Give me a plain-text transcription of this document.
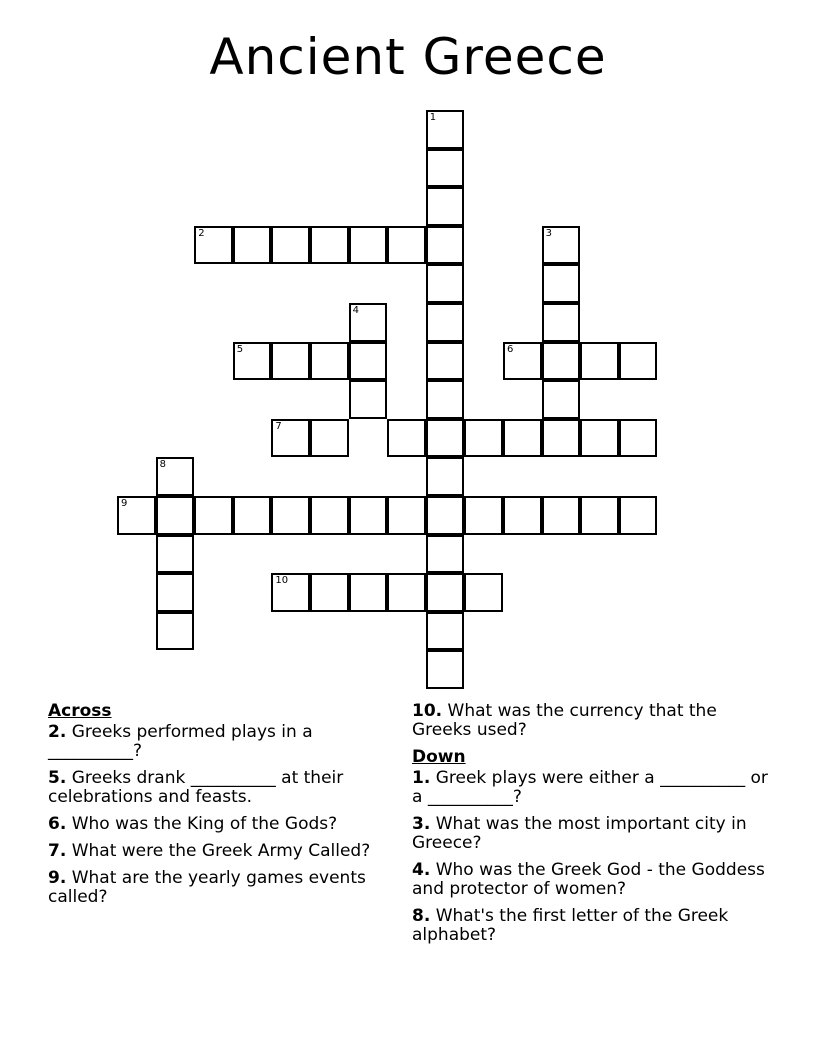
Ancient Greece
1
2	3
4
5	6
7
8
9
10
Across
2. Greeks performed plays in a __________?
5. Greeks drank __________ at their celebrations and feasts.
6. Who was the King of the Gods?
7. What were the Greek Army Called?
9. What are the yearly games events called?
10. What was the currency that the Greeks used?
Down
1. Greek plays were either a __________ or a __________?
3. What was the most important city in Greece?
4. Who was the Greek God - the Goddess and protector of women?
8. What's the first letter of the Greek alphabet?
